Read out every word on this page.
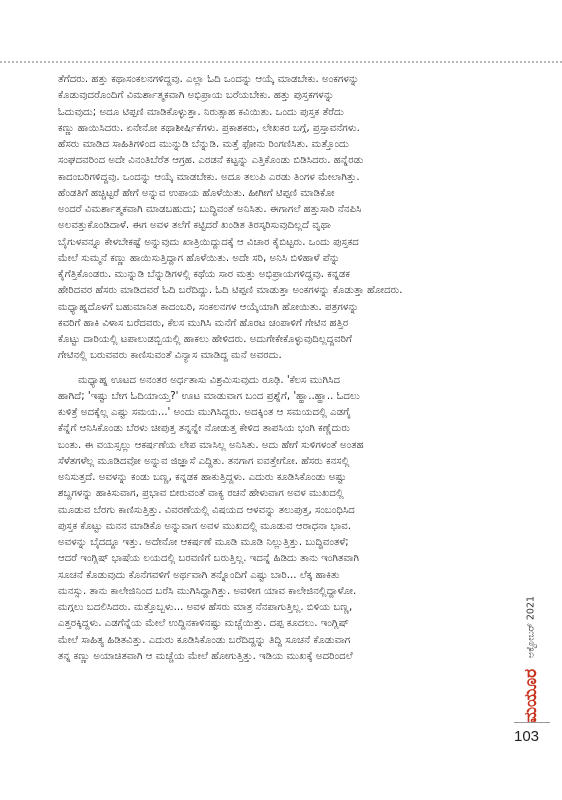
ತೆಗೆದರು. ಹತ್ತು ಕಥಾಸಂಕಲನಗಳಿದ್ದವು. ಎಲ್ಲಾ ಓದಿ ಒಂದನ್ನು ಆಯ್ಕೆ ಮಾಡಬೇಕು. ಅಂಕಗಳನ್ನು

ಕೊಡುವುದರೊಂದಿಗೆ ವಿಮರ್ಶಾತ್ಮಕವಾಗಿ ಅಭಿಪ್ರಾಯ ಬರೆಯಬೇಕು. ಹತ್ತು ಪುಸ್ತಕಗಳನ್ನು

ಓದುವುದು; ಅದೂ ಟಿಪ್ಪಣಿ ಮಾಡಿಕೊಳ್ಳುತ್ತಾ. ನಿರುತ್ಸಾಹ ಕವಿಯಿತು. ಒಂದು ಪುಸ್ತಕ ತೆರೆದು

ಕಣ್ಣು ಹಾಯಿಸಿದರು. ಏನೇನೋ ಕಥಾಶೀರ್ಷಿಕೆಗಳು. ಪ್ರಕಾಶಕರು, ಲೇಖಕರ ಬಗ್ಗೆ, ಪ್ರಸ್ತಾವನೆಗಳು.

ಹೆಸರು ಮಾಡಿದ ಸಾಹಿತಿಗಳಿಂದ ಮುನ್ನುಡಿ ಬೆನ್ನುಡಿ. ಮತ್ತೆ ಫೋನು ರಿಂಗಣಿಸಿತು. ಮತ್ತೊಂದು

ಸಂಘದವರಿಂದ ಅದೇ ವಿನಂತಿಬೆರೆತ ಆಗ್ರಹ. ಎರಡನೆ ಕಟ್ಟನ್ನು ಎತ್ತಿಕೊಂಡು ಬಿಡಿಸಿದರು. ಹನ್ನೆರಡು

ಕಾದಂಬರಿಗಳಿದ್ದವು. ಒಂದನ್ನು ಆಯ್ಕೆ ಮಾಡಬೇಕು. ಅದೂ ತಲುಪಿ ಎರಡು ತಿಂಗಳ ಮೇಲಾಗಿತ್ತು.

ಹೆಂಡತಿಗೆ ಹಚ್ಚಿಟ್ಟರೆ ಹೇಗೆ ಅನ್ನುವ ಉಪಾಯ ಹೊಳೆಯಿತು. ಹೀಗೀಗೆ ಟಿಪ್ಪಣಿ ಮಾಡಿಕೋ

ಅಂದರೆ ವಿಮರ್ಶಾತ್ಮಕವಾಗಿ ಮಾಡಬಹುದು; ಬುದ್ಧಿವಂತೆ ಅನಿಸಿತು. ಈಗಾಗಲೆ ಹತ್ತುಸಾರಿ ನೆನಪಿಸಿ

ಅಲವತ್ತುಕೊಂಡಿದಾಳೆ. ಈಗ ಅವಳ ತಲೆಗೆ ಕಟ್ಟಿದರೆ ಖಂಡಿತ ತಿರಸ್ಕರಿಸುವುದಿಲ್ಲದೆ ವೃಥಾ

ಬೈಗುಳವನ್ನೂ ಕೇಳಬೇಕಷ್ಟೆ ಅನ್ನುವುದು ಖಾತ್ರಿಯಿದ್ದುದಕ್ಕೆ ಆ ವಿಚಾರ ಕೈಬಿಟ್ಟರು. ಒಂದು ಪುಸ್ತಕದ

ಮೇಲೆ ಸುಮ್ಮನೆ ಕಣ್ಣು ಹಾಯಿಸುತ್ತಿದ್ದಾಗ ಹೊಳೆಯಿತು. ಅದೇ ಸರಿ, ಅನಿಸಿ ಬಿಳಿಹಾಳೆ ಪೆನ್ನು

ಕೈಗೆತ್ತಿಕೊಂಡರು. ಮುನ್ನುಡಿ ಬೆನ್ನುಡಿಗಳಲ್ಲಿ ಕಥೆಯ ಸಾರ ಮತ್ತು ಅಭಿಪ್ರಾಯಗಳಿದ್ದವು. ಕನ್ನಡಕ

ಹೇರಿದವರ ಹೆಸರು ಮಾಡಿದವರೆ ಓದಿ ಬರೆದಿದ್ದು. ಓದಿ ಟಿಪ್ಪಣಿ ಮಾಡುತ್ತಾ ಅಂಕಗಳನ್ನು ಕೊಡುತ್ತಾ ಹೋದರು.

ಮಧ್ಯಾಹ್ನದೊಳಗೆ ಬಹುಮಾನಿತ ಕಾದಂಬರಿ, ಸಂಕಲನಗಳ ಆಯ್ಕೆಯಾಗಿ ಹೋಯಿತು. ಪತ್ರಗಳನ್ನು

ಕವರಿಗೆ ಹಾಕಿ ವಿಳಾಸ ಬರೆದವರು, ಕೆಲಸ ಮುಗಿಸಿ ಮನೆಗೆ ಹೊರಟ ಚಂಪಾಳಿಗೆ ಗೇಟಿನ ಹತ್ತಿರ

ಕೊಟ್ಟು ದಾರಿಯಲ್ಲಿ ಟಪಾಲುಡಬ್ಬಿಯಲ್ಲಿ ಹಾಕಲು ಹೇಳಿದರು. ಅದುಗೇಕೇಕೊಳ್ಳುವುದಿಲ್ಲದ್ದವರಿಗೆ

ಗೇಟಿನಲ್ಲಿ ಬರುವವರು ಕಾಣಿಸುವಂತೆ ವಿನ್ಯಾಸ ಮಾಡಿದ್ದ ಮನೆ ಅವರದು.

ಮಧ್ಯಾಹ್ನ ಊಟದ ಅನಂತರ ಅರ್ಧತಾಸು ವಿಶ್ರಮಿಸುವುದು ರೂಢಿ. 'ಕೆಲಸ ಮುಗಿಸಿದ

ಹಾಗಿದೆ; 'ಇಷ್ಟು ಬೇಗ ಓದಿಯಾಯ್ತ?' ಊಟ ಮಾಡುವಾಗ ಬಂದ ಪ್ರಶ್ನೆಗೆ, 'ಹ್ಹಾ..ಹ್ಹಾ.. ಓದಲು

ಕುಳಿತ್ರೆ ಅದಕ್ಕೆಲ್ಲ ಎಷ್ಟು ಸಮಯ...' ಅಂದು ಮುಗಿಸಿದ್ದರು. ಅದಕ್ಕಿಂತ ಆ ಸಮಯದಲ್ಲಿ ಎಡಗೈ

ಕೆನ್ನೆಗೆ ಆನಿಸಿಕೊಂಡು ಬೆರಳು ಚೀಪುತ್ತ ತನ್ನನ್ನೇ ನೋಡುತ್ತ ಕೇಳಿದ ತಾಪಸಿಯ ಭಂಗಿ ಕಣ್ಣೆದುರು

ಬಂತು. ಈ ವಯಸ್ಸಲ್ಲು ಆಕರ್ಷಣೆಯ ಲೇಪ ಮಾಸಿಲ್ಲ ಅನಿಸಿತು. ಅದು ಹೇಗೆ ಸುಳಿಗಳಂತೆ ಅಂತಹ

ಸೆಳೆತಗಳೆಲ್ಲ ಮೂಡಿದವೋ ಅನ್ನುವ ಜಿಜ್ಞಾಸೆ ಎದ್ದಿತು. ತನಗಾಗ ಐವತ್ತೇಗೋ. ಹೆಸರು ಕನಸಲ್ಲಿ

ಅನಿಸುತ್ತದೆ. ಅವಳನ್ನು ಕಂಡು ಬಣ್ಣ, ಕನ್ನಡಕ ಹಾಕುತ್ತಿದ್ದಳು. ಎದುರು ಕೂಡಿಸಿಕೊಂಡು ಅಷ್ಟು

ಶಬ್ದಗಳನ್ನು ಹಾಕಿಸುವಾಗ, ಪ್ರಭಾವ ಬೀರುವಂತೆ ವಾಕ್ಯ ರಚನೆ ಹೇಳುವಾಗ ಅವಳ ಮುಖದಲ್ಲಿ

ಮೂಡುವ ಬೆರಗು ಕಾಣಿಸುತ್ತಿತ್ತು. ವಿವರಣೆಯಲ್ಲಿ ವಿಷಯದ ಆಳವನ್ನು ತಲುಪುತ್ತ, ಸಂಬಂಧಿಸಿದ

ಪುಸ್ತಕ ಕೊಟ್ಟು ಮನನ ಮಾಡಿಕೊ ಅನ್ನುವಾಗ ಅವಳ ಮುಖದಲ್ಲಿ ಮೂಡುವ ಆರಾಧನಾ ಭಾವ.

ಅವಳನ್ನು ಬೈದದ್ದೂ ಇತ್ತು. ಅದೇನೋ ಆಕರ್ಷಣೆ ಮೂಡಿ ಮೂಡಿ ನಿಲ್ಲುತ್ತಿತ್ತು. ಬುದ್ಧಿವಂತಳೆ;

ಆದರೆ ಇಂಗ್ಲಿಷ್ ಭಾಷೆಯ ಲಯದಲ್ಲಿ ಬರವಣಿಗೆ ಬರುತ್ತಿಲ್ಲ. ಇದನ್ನೆ ಹಿಡಿದು ತಾನು ಇಂಗಿತವಾಗಿ

ಸೂಚನೆ ಕೊಡುವುದು ಕೊನೆಗವಳಿಗೆ ಅರ್ಥವಾಗಿ ತನ್ನೊಂದಿಗೆ ಎಷ್ಟು ಬಾರಿ... ಲೆಕ್ಕ ಹಾಕಿತು

ಮನಸ್ಸು. ತಾನು ಕಾಲೇಜಿನಿಂದ ಬರೆಸಿ ಮುಗಿಸಿದ್ದಾಗಿತ್ತು. ಅವಳೀಗ ಯಾವ ಕಾಲೇಜಿನಲ್ಲಿದ್ದಾಳೋ.

ಮಗ್ಗಲು ಬದಲಿಸಿದರು. ಮತ್ತೊಬ್ಬಳು... ಅವಳ ಹೆಸರು ಮಾತ್ರ ನೆನಪಾಗುತ್ತಿಲ್ಲ. ಬಿಳಿಯ ಬಣ್ಣ,

ಎತ್ತರಕ್ಕಿದ್ದಳು. ಎಡಗೆನ್ನೆಯ ಮೇಲೆ ಉದ್ದಿನಕಾಳಿನಷ್ಟು ಮಚ್ಚೆಯಿತ್ತು. ದಪ್ಪ ಕೂದಲು. ಇಂಗ್ಲಿಷ್

ಮೇಲೆ ಸಾಹಿತ್ಯ ಹಿಡಿತವಿತ್ತು. ಎದುರು ಕೂಡಿಸಿಕೊಂಡು ಬರೆದಿದ್ದನ್ನು ತಿದ್ದಿ ಸೂಚನೆ ಕೊಡುವಾಗ

ತನ್ನ ಕಣ್ಣು ಅಯಾಚಿತವಾಗಿ ಆ ಮಚ್ಚೆಯ ಮೇಲೆ ಹೋಗುತ್ತಿತ್ತು. ಇಡಿಯ ಮುಖಕ್ಕೆ ಅದರಿಂದಲೆ	ಅಕ್ಟೋಬರ್ 2021
ಮಯೂರ
103
